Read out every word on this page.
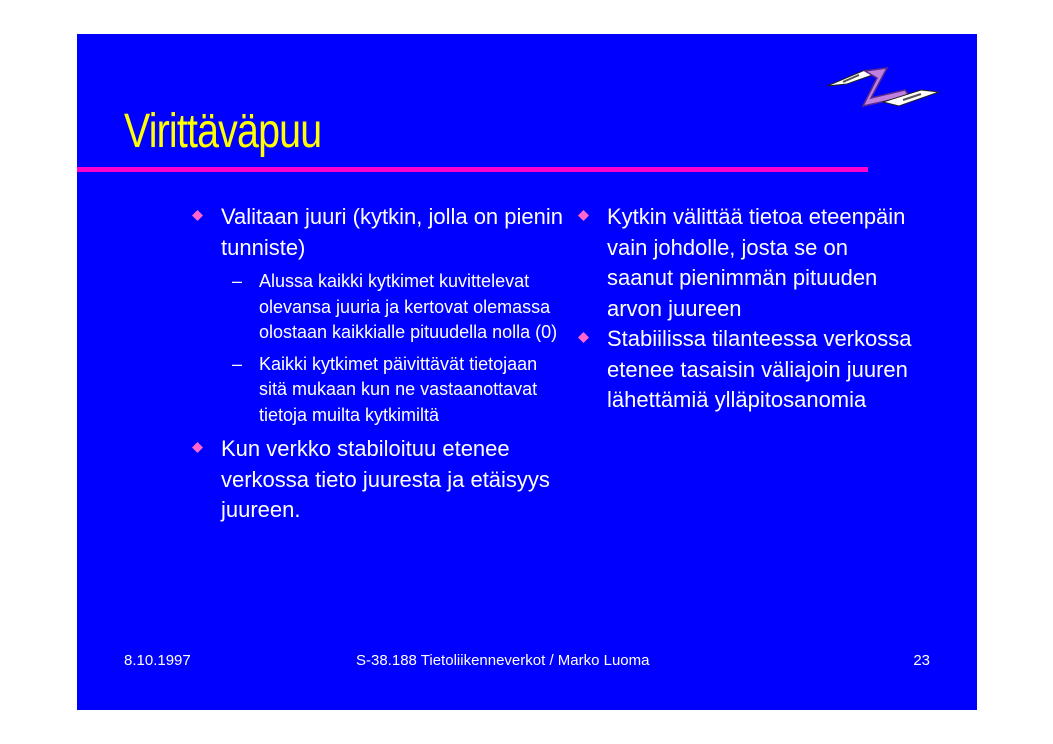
Virittäväpuu
Valitaan juuri (kytkin, jolla on pienin tunniste)
– Alussa kaikki kytkimet kuvittelevat olevansa juuria ja kertovat olemassa olostaan kaikkialle pituudella nolla (0)
– Kaikki kytkimet päivittävät tietojaan sitä mukaan kun ne vastaanottavat tietoja muilta kytkimiltä
Kun verkko stabiloituu etenee verkossa tieto juuresta ja etäisyys juureen.
Kytkin välittää tietoa eteenpäin vain johdolle, josta se on saanut pienimmän pituuden arvon juureen
Stabiilissa tilanteessa verkossa etenee tasaisin väliajoin juuren lähettämiä ylläpitosanomia
8.10.1997	S-38.188 Tietoliikenneverkot / Marko Luoma	23
